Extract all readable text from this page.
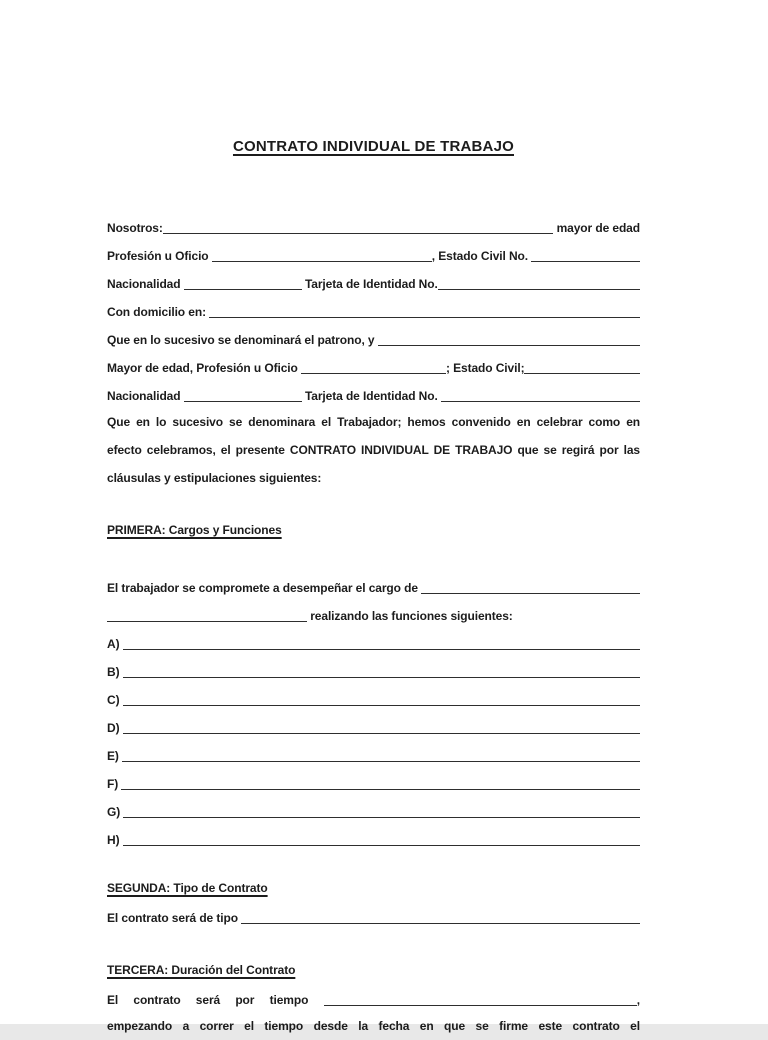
CONTRATO INDIVIDUAL DE TRABAJO
Nosotros:	mayor de edad
Profesión u Oficio	, Estado Civil No.
Nacionalidad	Tarjeta de Identidad No.
Con domicilio en:
Que en lo sucesivo se denominará el patrono, y
Mayor de edad, Profesión u Oficio	; Estado Civil;
Nacionalidad	Tarjeta de Identidad No.
Que en lo sucesivo se denominara el Trabajador; hemos convenido en celebrar como en
efecto celebramos, el presente CONTRATO INDIVIDUAL DE TRABAJO que se regirá por las
cláusulas y estipulaciones siguientes:
PRIMERA: Cargos y Funciones
El trabajador se compromete a desempeñar el cargo de
realizando las funciones siguientes:
A)
B)
C)
D)
E)
F)
G)
H)
SEGUNDA: Tipo de Contrato
El contrato será de tipo
TERCERA: Duración del Contrato
El contrato será por tiempo	,
empezando a correr el tiempo desde la fecha en que se firme este contrato el
